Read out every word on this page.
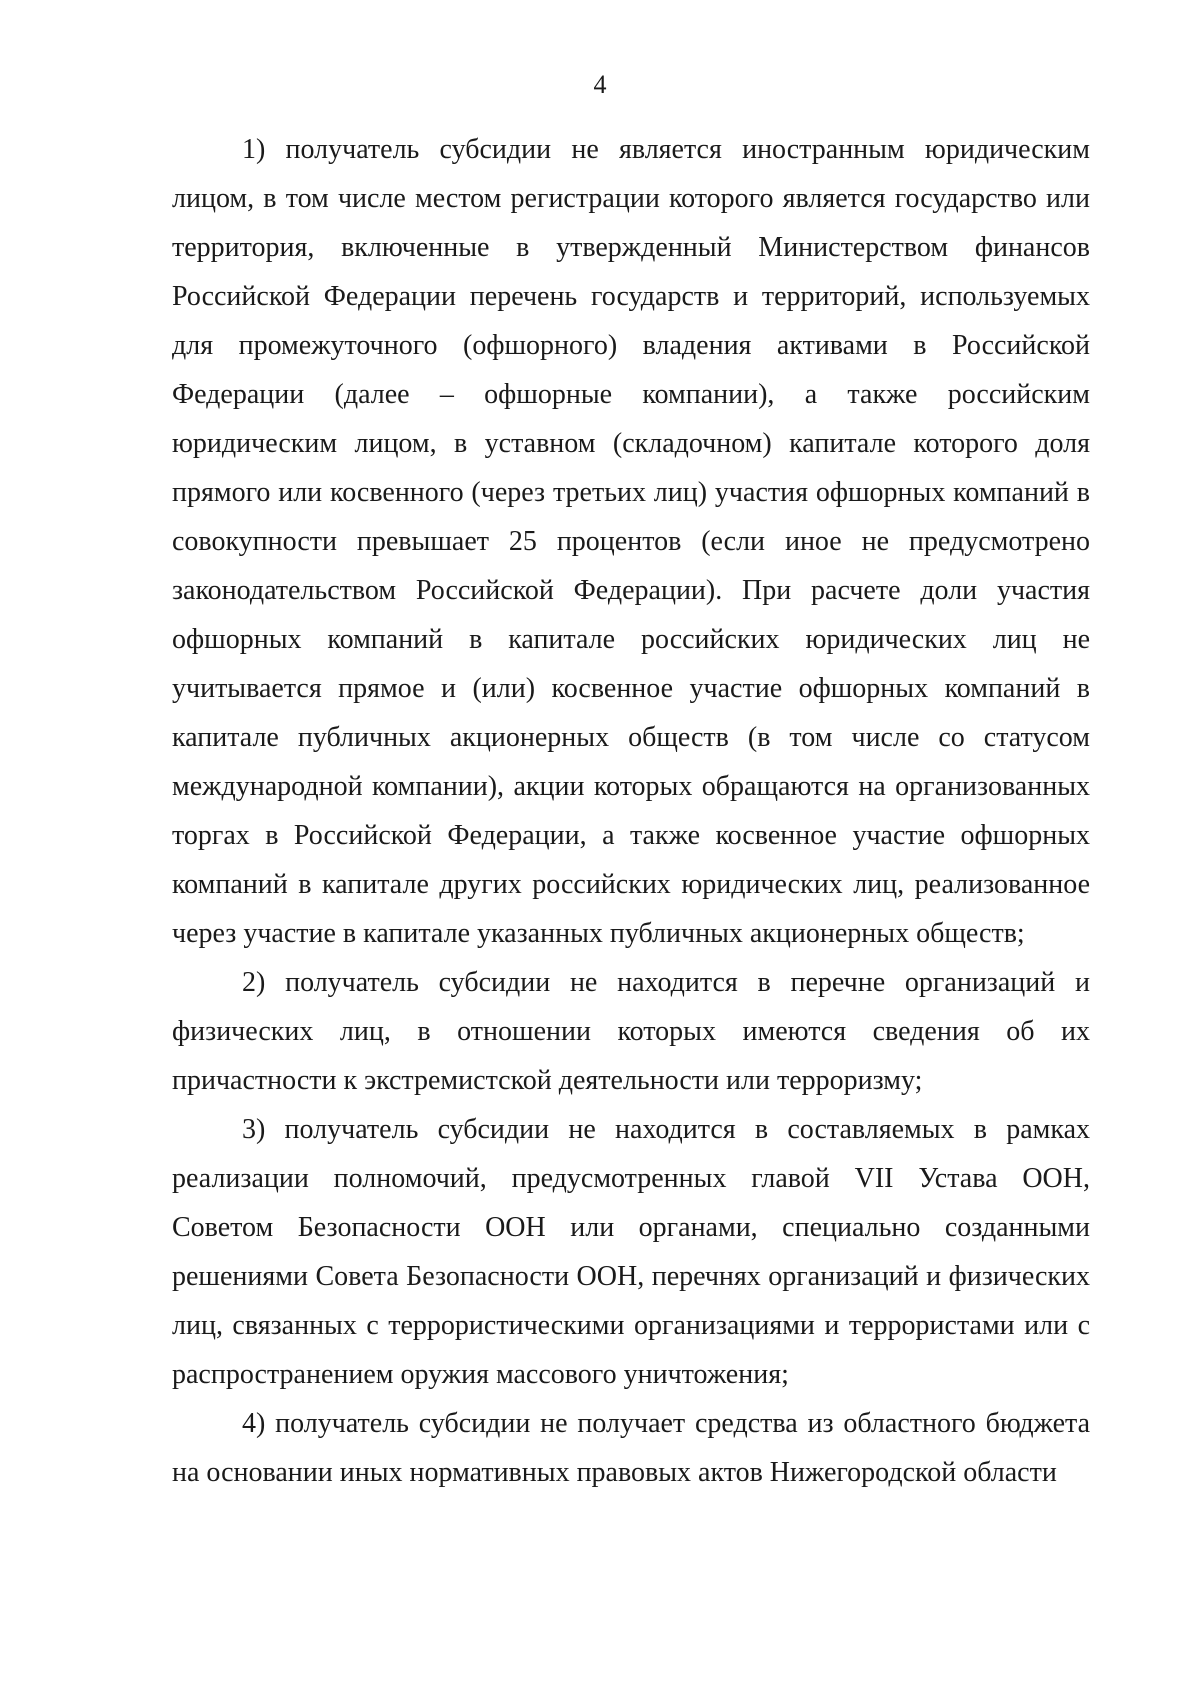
4

1) получатель субсидии не является иностранным юридическим лицом, в том числе местом регистрации которого является государство или территория, включенные в утвержденный Министерством финансов Российской Федерации перечень государств и территорий, используемых для промежуточного (офшорного) владения активами в Российской Федерации (далее – офшорные компании), а также российским юридическим лицом, в уставном (складочном) капитале которого доля прямого или косвенного (через третьих лиц) участия офшорных компаний в совокупности превышает 25 процентов (если иное не предусмотрено законодательством Российской Федерации). При расчете доли участия офшорных компаний в капитале российских юридических лиц не учитывается прямое и (или) косвенное участие офшорных компаний в капитале публичных акционерных обществ (в том числе со статусом международной компании), акции которых обращаются на организованных торгах в Российской Федерации, а также косвенное участие офшорных компаний в капитале других российских юридических лиц, реализованное через участие в капитале указанных публичных акционерных обществ;

2) получатель субсидии не находится в перечне организаций и физических лиц, в отношении которых имеются сведения об их причастности к экстремистской деятельности или терроризму;

3) получатель субсидии не находится в составляемых в рамках реализации полномочий, предусмотренных главой VII Устава ООН, Советом Безопасности ООН или органами, специально созданными решениями Совета Безопасности ООН, перечнях организаций и физических лиц, связанных с террористическими организациями и террористами или с распространением оружия массового уничтожения;

4) получатель субсидии не получает средства из областного бюджета на основании иных нормативных правовых актов Нижегородской области
